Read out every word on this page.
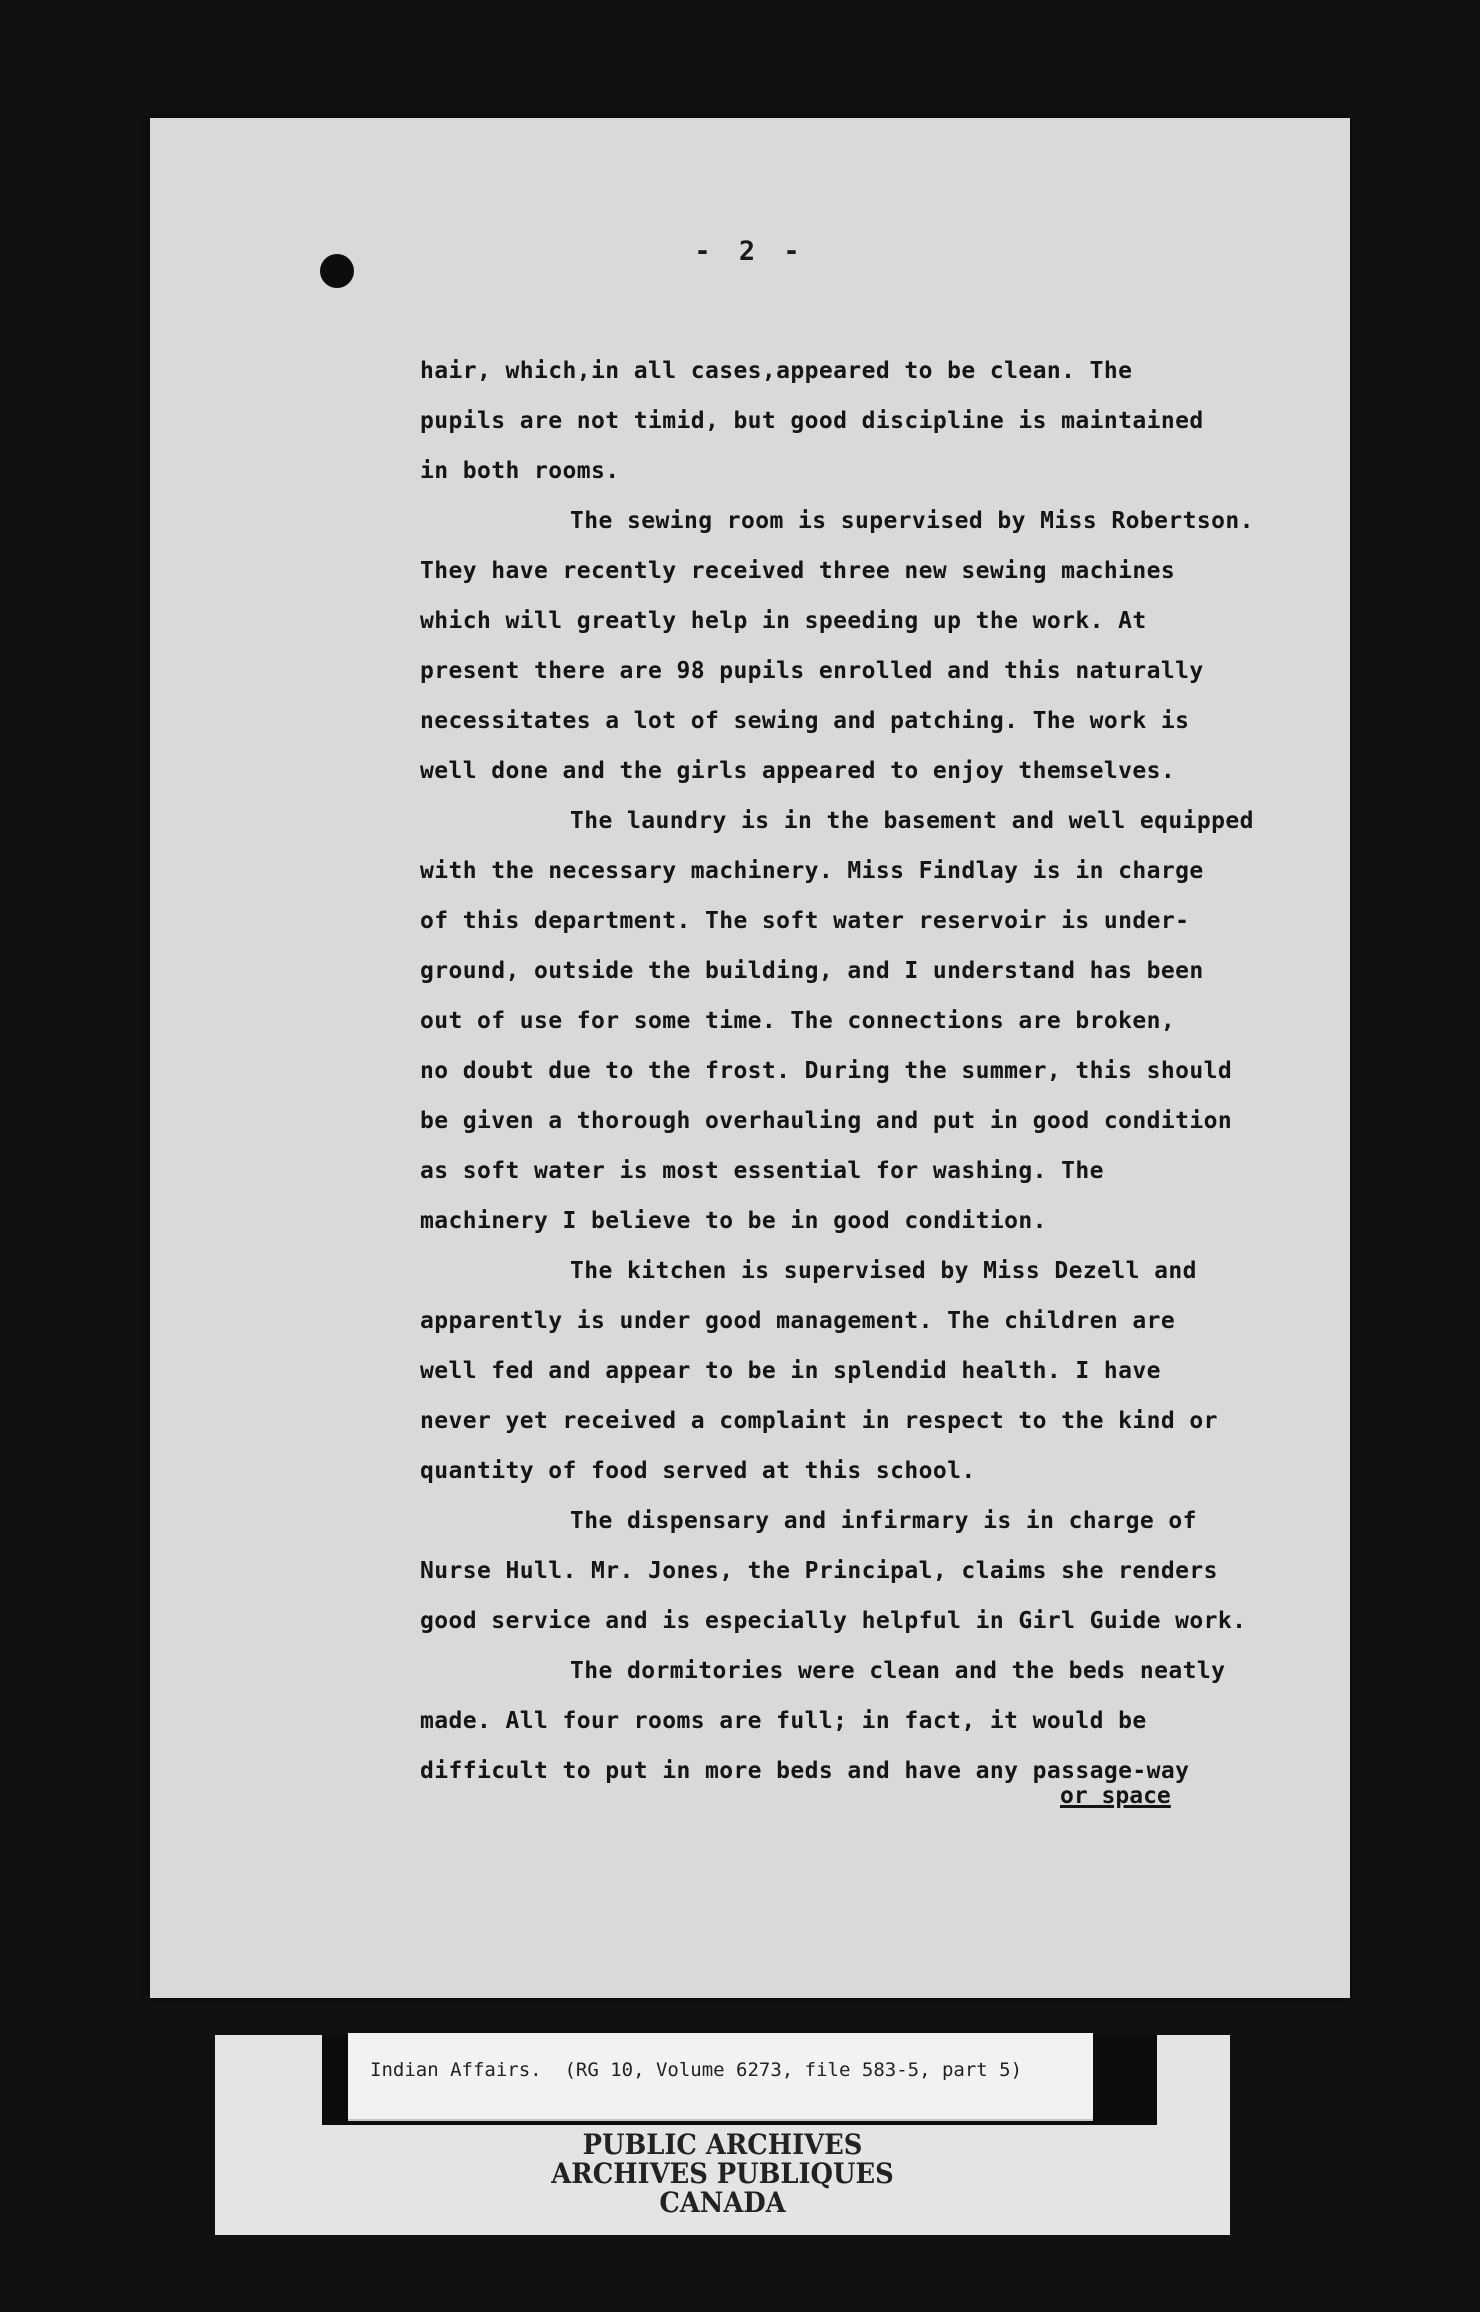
- 2 -
hair, which,in all cases,appeared to be clean. The
pupils are not timid, but good discipline is maintained
in both rooms.
The sewing room is supervised by Miss Robertson.
They have recently received three new sewing machines
which will greatly help in speeding up the work. At
present there are 98 pupils enrolled and this naturally
necessitates a lot of sewing and patching. The work is
well done and the girls appeared to enjoy themselves.
The laundry is in the basement and well equipped
with the necessary machinery. Miss Findlay is in charge
of this department. The soft water reservoir is under-
ground, outside the building, and I understand has been
out of use for some time. The connections are broken,
no doubt due to the frost. During the summer, this should
be given a thorough overhauling and put in good condition
as soft water is most essential for washing. The
machinery I believe to be in good condition.
The kitchen is supervised by Miss Dezell and
apparently is under good management. The children are
well fed and appear to be in splendid health. I have
never yet received a complaint in respect to the kind or
quantity of food served at this school.
The dispensary and infirmary is in charge of
Nurse Hull. Mr. Jones, the Principal, claims she renders
good service and is especially helpful in Girl Guide work.
The dormitories were clean and the beds neatly
made. All four rooms are full; in fact, it would be
difficult to put in more beds and have any passage-way
or space
Indian Affairs.  (RG 10, Volume 6273, file 583-5, part 5)
PUBLIC ARCHIVES
ARCHIVES PUBLIQUES
CANADA
